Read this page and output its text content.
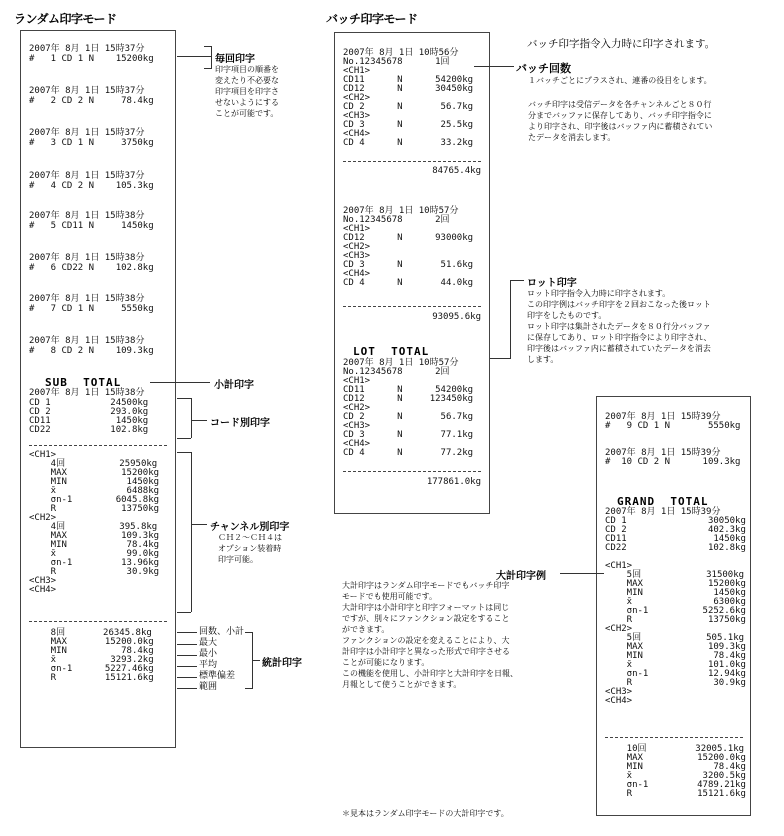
ランダム印字モード	バッチ印字モード
2007年 8月 1日 15時37分
#   1 CD 1 N    15200kg
2007年 8月 1日 15時37分
#   2 CD 2 N     78.4kg
2007年 8月 1日 15時37分
#   3 CD 1 N     3750kg
2007年 8月 1日 15時37分
#   4 CD 2 N    105.3kg
2007年 8月 1日 15時38分
#   5 CD11 N     1450kg
2007年 8月 1日 15時38分
#   6 CD22 N    102.8kg
2007年 8月 1日 15時38分
#   7 CD 1 N     5550kg
2007年 8月 1日 15時38分
#   8 CD 2 N    109.3kg
SUB  TOTAL
2007年 8月 1日 15時38分
CD 1           24500kg
CD 2           293.0kg
CD11            1450kg
CD22           102.8kg
<CH1>
4回          25950kg
MAX          15200kg
MIN           1450kg
x̄             6488kg
σn-1        6045.8kg
R            13750kg
<CH2>
4回          395.8kg
MAX          109.3kg
MIN           78.4kg
x̄             99.0kg
σn-1         13.96kg
R             30.9kg
<CH3>
<CH4>
8回       26345.8kg
MAX       15200.0kg
MIN          78.4kg
x̄          3293.2kg
σn-1      5227.46kg
R         15121.6kg
毎回印字
印字項目の順番を
変えたり不必要な
印字項目を印字さ
せないようにする
ことが可能です。
小計印字
コード別印字
チャンネル別印字
ＣＨ２～ＣＨ４は
オプション装着時
印字可能。
回数、小計
最大
最小
平均
標準偏差
範囲
統計印字
2007年 8月 1日 10時56分
No.12345678      1回
<CH1>
CD11      N      54200kg
CD12      N      30450kg
<CH2>
CD 2      N       56.7kg
<CH3>
CD 3      N       25.5kg
<CH4>
CD 4      N       33.2kg
84765.4kg
2007年 8月 1日 10時57分
No.12345678      2回
<CH1>
CD12      N      93000kg
<CH2>
<CH3>
CD 3      N       51.6kg
<CH4>
CD 4      N       44.0kg
93095.6kg
LOT  TOTAL
2007年 8月 1日 10時57分
No.12345678      2回
<CH1>
CD11      N      54200kg
CD12      N     123450kg
<CH2>
CD 2      N       56.7kg
<CH3>
CD 3      N       77.1kg
<CH4>
CD 4      N       77.2kg
177861.0kg
バッチ印字指令入力時に印字されます。
バッチ回数
１バッチごとにプラスされ、連番の役目をします。
バッチ印字は受信データを各チャンネルごと８０行
分までバッファに保存してあり、バッチ印字指令に
より印字され、印字後はバッファ内に蓄積されてい
たデータを消去します。
ロット印字
ロット印字指令入力時に印字されます。
この印字例はバッチ印字を２回おこなった後ロット
印字をしたものです。
ロット印字は集計されたデータを８０行分バッファ
に保存してあり、ロット印字指令により印字され、
印字後はバッファ内に蓄積されていたデータを消去
します。
2007年 8月 1日 15時39分
#   9 CD 1 N       5550kg

2007年 8月 1日 15時39分
#  10 CD 2 N      109.3kg
GRAND  TOTAL
2007年 8月 1日 15時39分
CD 1               30050kg
CD 2               402.3kg
CD11                1450kg
CD22               102.8kg

<CH1>
5回            31500kg
MAX            15200kg
MIN             1450kg
x̄               6300kg
σn-1          5252.6kg
R              13750kg
<CH2>
5回            505.1kg
MAX            109.3kg
MIN             78.4kg
x̄              101.0kg
σn-1           12.94kg
R               30.9kg
<CH3>
<CH4>
10回         32005.1kg
MAX          15200.0kg
MIN             78.4kg
x̄             3200.5kg
σn-1         4789.21kg
R            15121.6kg
大計印字例
大計印字はランダム印字モードでもバッチ印字
モードでも使用可能です。
大計印字は小計印字と印字フォーマットは同じ
ですが、別々にファンクション設定をすること
ができます。
ファンクションの設定を変えることにより、大
計印字は小計印字と異なった形式で印字させる
ことが可能になります。
この機能を使用し、小計印字と大計印字を日報、
月報として使うことができます。
＊見本はランダム印字モードの大計印字です。
